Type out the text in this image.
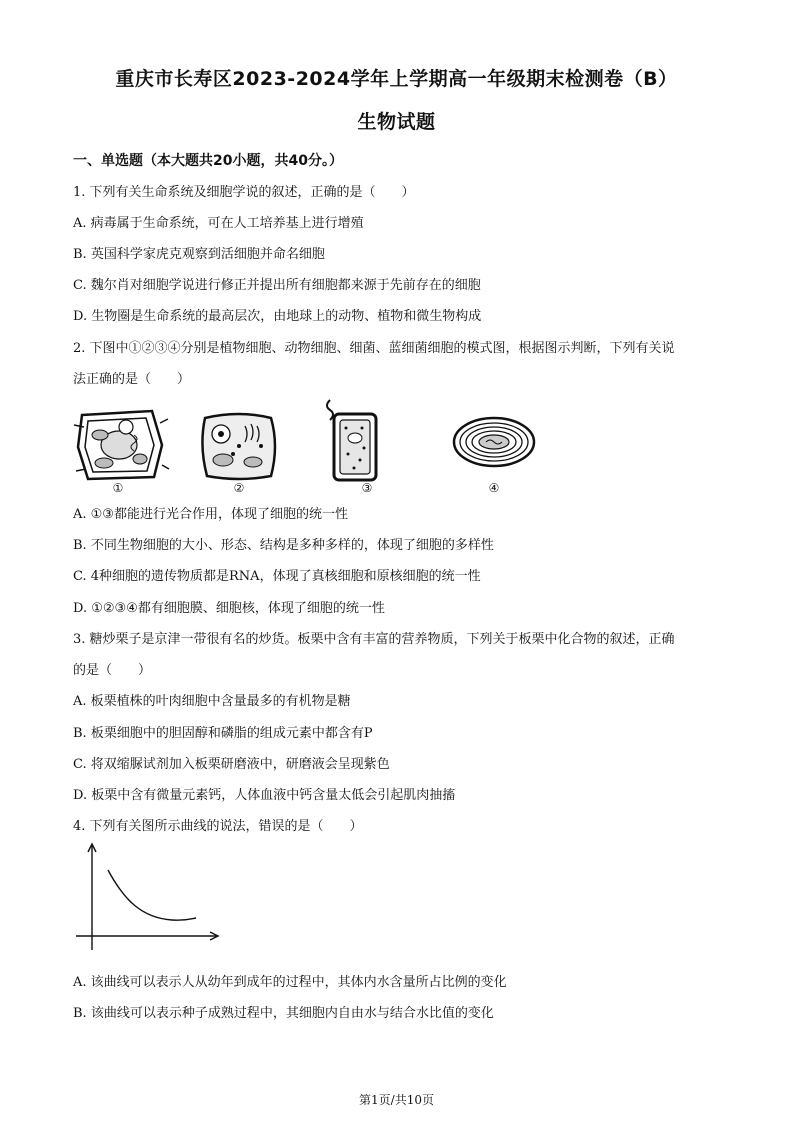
重庆市长寿区2023-2024学年上学期高一年级期末检测卷（B）
生物试题
一、单选题（本大题共20小题，共40分。）
1. 下列有关生命系统及细胞学说的叙述，正确的是（　　）
A. 病毒属于生命系统，可在人工培养基上进行增殖
B. 英国科学家虎克观察到活细胞并命名细胞
C. 魏尔肖对细胞学说进行修正并提出所有细胞都来源于先前存在的细胞
D. 生物圈是生命系统的最高层次，由地球上的动物、植物和微生物构成
2. 下图中①②③④分别是植物细胞、动物细胞、细菌、蓝细菌细胞的模式图，根据图示判断，下列有关说
法正确的是（　　）
①	②	③	④
A. ①③都能进行光合作用，体现了细胞的统一性
B. 不同生物细胞的大小、形态、结构是多种多样的，体现了细胞的多样性
C. 4种细胞的遗传物质都是RNA，体现了真核细胞和原核细胞的统一性
D. ①②③④都有细胞膜、细胞核，体现了细胞的统一性
3. 糖炒栗子是京津一带很有名的炒货。板栗中含有丰富的营养物质，下列关于板栗中化合物的叙述，正确
的是（　　）
A. 板栗植株的叶肉细胞中含量最多的有机物是糖
B. 板栗细胞中的胆固醇和磷脂的组成元素中都含有P
C. 将双缩脲试剂加入板栗研磨液中，研磨液会呈现紫色
D. 板栗中含有微量元素钙，人体血液中钙含量太低会引起肌肉抽搐
4. 下列有关图所示曲线的说法，错误的是（　　）
A. 该曲线可以表示人从幼年到成年的过程中，其体内水含量所占比例的变化
B. 该曲线可以表示种子成熟过程中，其细胞内自由水与结合水比值的变化
第1页/共10页
